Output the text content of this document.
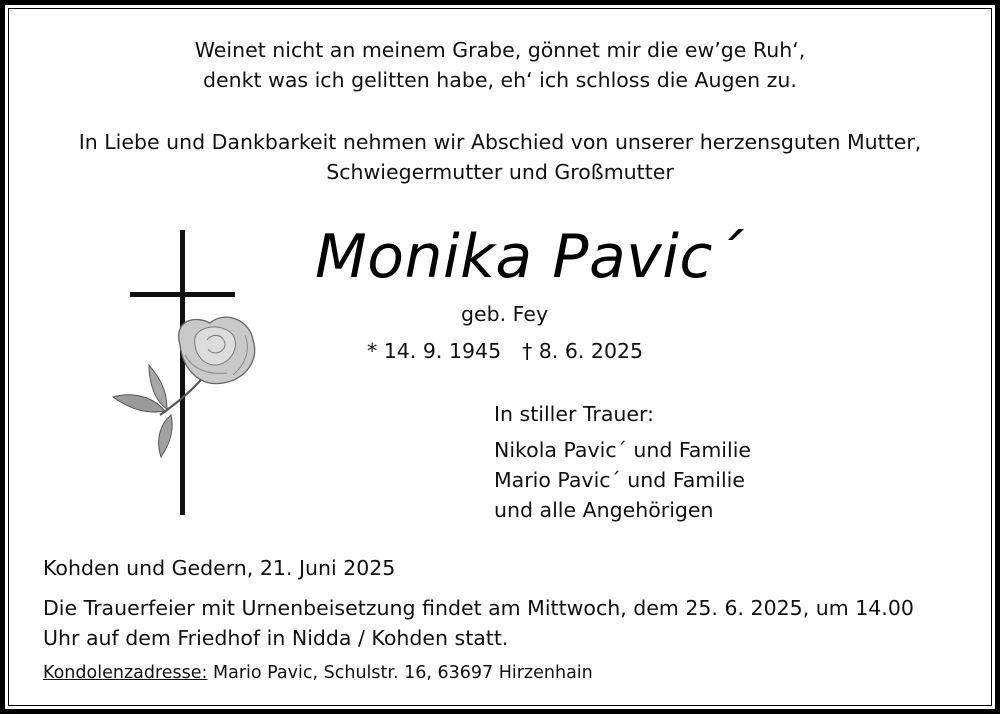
Weinet nicht an meinem Grabe, gönnet mir die ew’ge Ruh‘,
denkt was ich gelitten habe, eh‘ ich schloss die Augen zu.
In Liebe und Dankbarkeit nehmen wir Abschied von unserer herzensguten Mutter,
Schwiegermutter und Großmutter
Monika Pavic´
geb. Fey
* 14. 9. 1945 † 8. 6. 2025
In stiller Trauer:
Nikola Pavic´ und Familie
Mario Pavic´ und Familie
und alle Angehörigen
Kohden und Gedern, 21. Juni 2025
Die Trauerfeier mit Urnenbeisetzung findet am Mittwoch, dem 25. 6. 2025, um 14.00
Uhr auf dem Friedhof in Nidda / Kohden statt.
Kondolenzadresse: Mario Pavic, Schulstr. 16, 63697 Hirzenhain
